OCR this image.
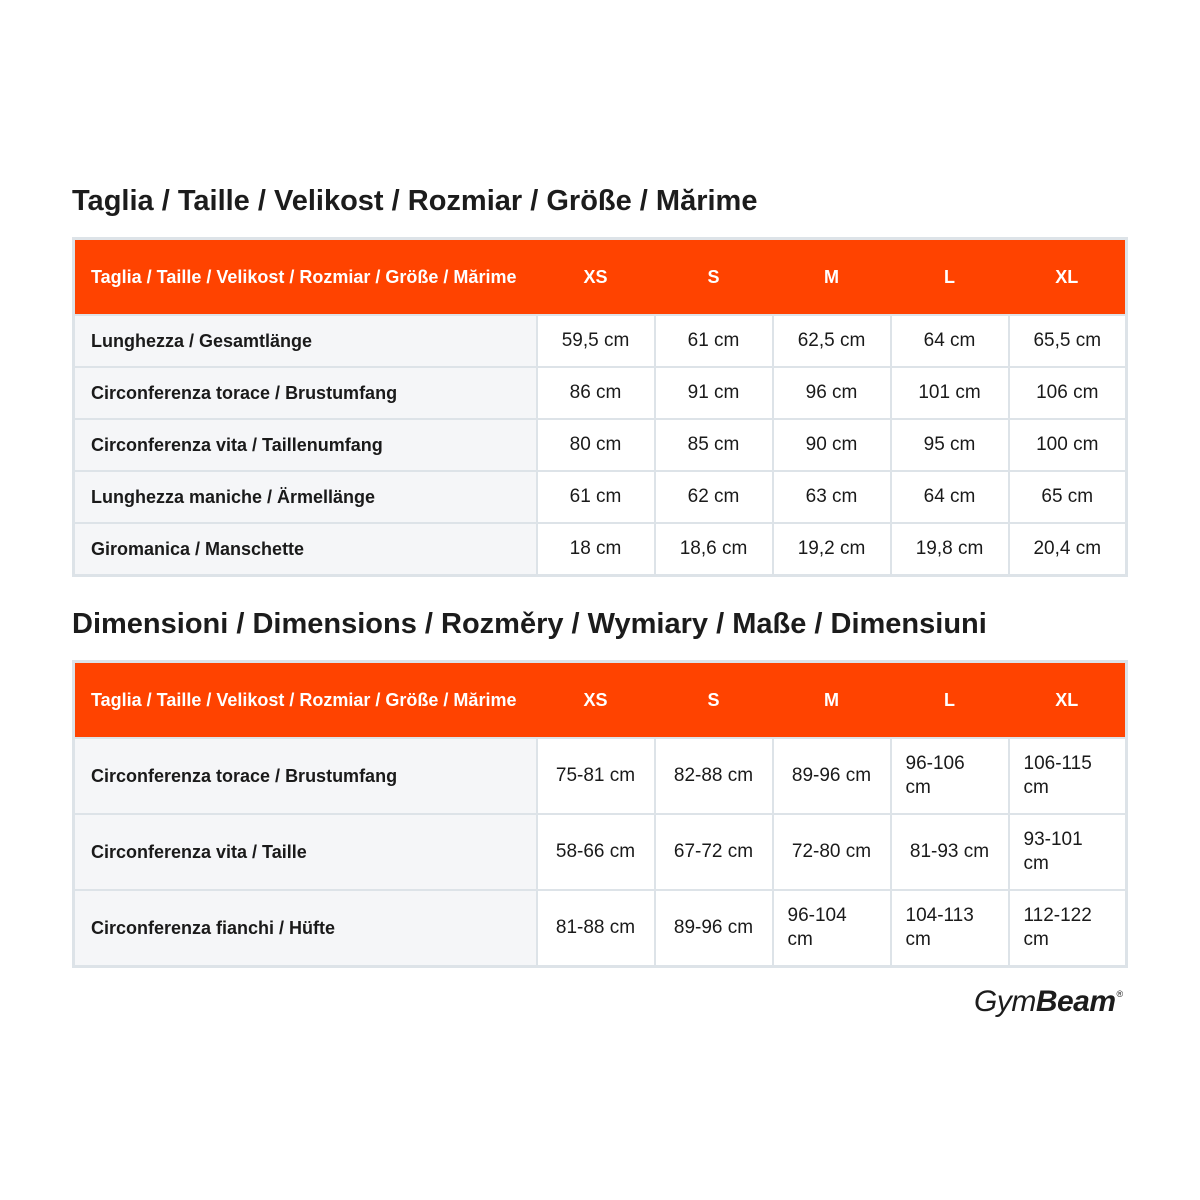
Taglia / Taille / Velikost / Rozmiar / Größe / Mărime
Taglia / Taille / Velikost / Rozmiar / Größe / Mărime	XS	S	M	L	XL
Lunghezza / Gesamtlänge	59,5 cm	61 cm	62,5 cm	64 cm	65,5 cm
Circonferenza torace / Brustumfang	86 cm	91 cm	96 cm	101 cm	106 cm
Circonferenza vita / Taillenumfang	80 cm	85 cm	90 cm	95 cm	100 cm
Lunghezza maniche / Ärmellänge	61 cm	62 cm	63 cm	64 cm	65 cm
Giromanica / Manschette	18 cm	18,6 cm	19,2 cm	19,8 cm	20,4 cm
Dimensioni / Dimensions / Rozměry / Wymiary / Maße / Dimensiuni
Taglia / Taille / Velikost / Rozmiar / Größe / Mărime	XS	S	M	L	XL
Circonferenza torace / Brustumfang	75-81 cm	82-88 cm	89-96 cm	96-106 cm	106-115 cm
Circonferenza vita / Taille	58-66 cm	67-72 cm	72-80 cm	81-93 cm	93-101 cm
Circonferenza fianchi / Hüfte	81-88 cm	89-96 cm	96-104 cm	104-113 cm	112-122 cm
GymBeam®
